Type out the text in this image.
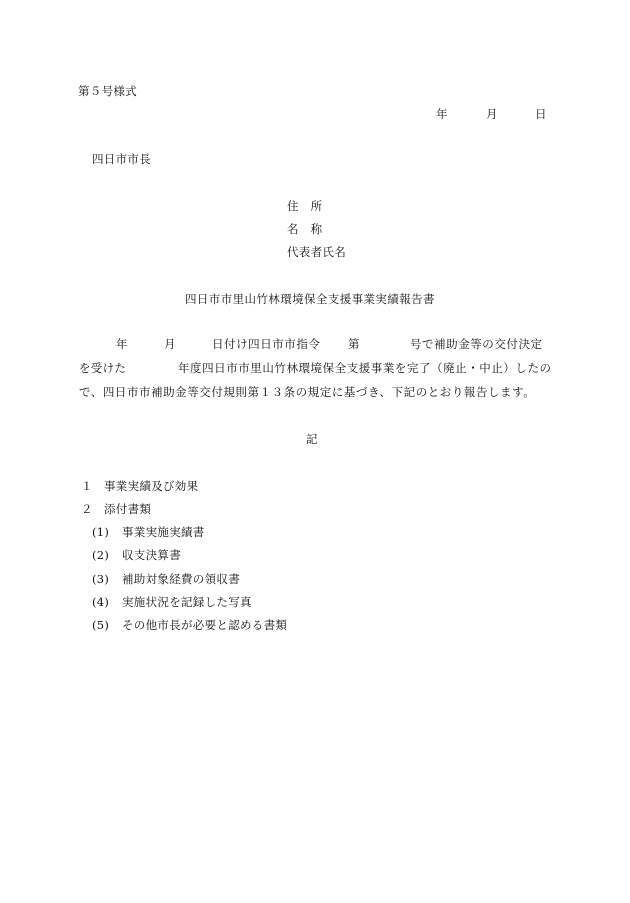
第５号様式
年	月	日
四日市市長
住　所
名　称
代表者氏名
四日市市里山竹林環境保全支援事業実績報告書
年	月	日付け四日市市指令 第	号で補助金等の交付決定
を受けた	年度四日市市里山竹林環境保全支援事業を完了（廃止・中止）したの
で、四日市市補助金等交付規則第１３条の規定に基づき、下記のとおり報告します。
記
１ 事業実績及び効果
２ 添付書類
(1) 事業実施実績書
(2) 収支決算書
(3) 補助対象経費の領収書
(4) 実施状況を記録した写真
(5) その他市長が必要と認める書類
